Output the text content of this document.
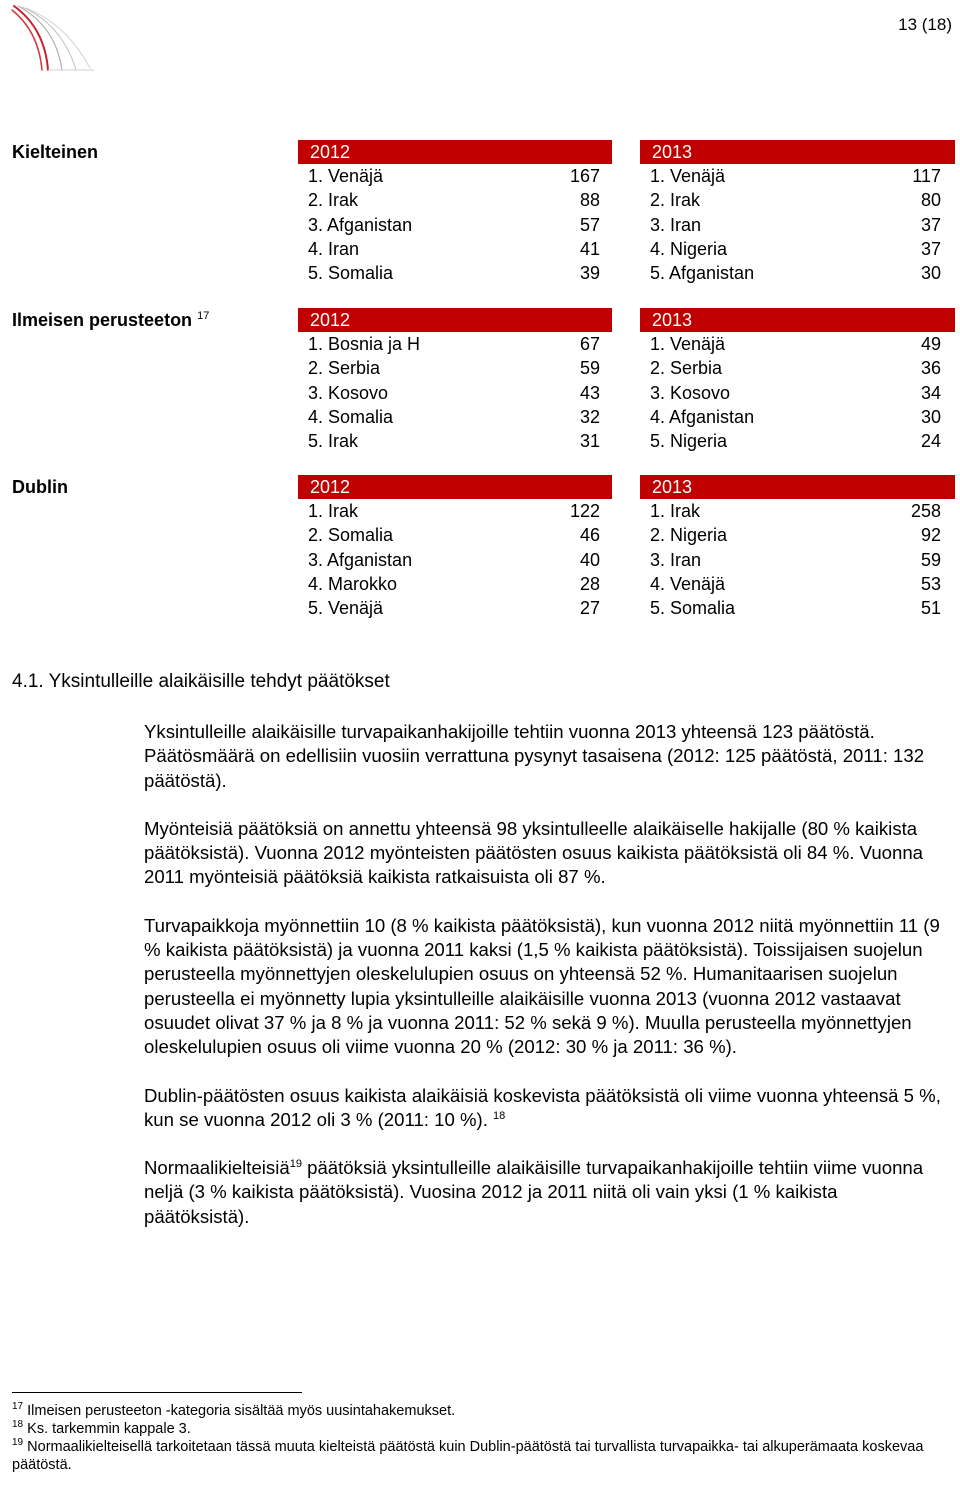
13 (18)
Kielteinen	2012
1. Venäjä	167
2. Irak	88
3. Afganistan	57
4. Iran	41
5. Somalia	39
2013
1. Venäjä	117
2. Irak	80
3. Iran	37
4. Nigeria	37
5. Afganistan	30
Ilmeisen perusteeton $^{17}$	2012
1. Bosnia ja H	67
2. Serbia	59
3. Kosovo	43
4. Somalia	32
5. Irak	31
2013
1. Venäjä	49
2. Serbia	36
3. Kosovo	34
4. Afganistan	30
5. Nigeria	24
Dublin	2012
1. Irak	122
2. Somalia	46
3. Afganistan	40
4. Marokko	28
5. Venäjä	27
2013
1. Irak	258
2. Nigeria	92
3. Iran	59
4. Venäjä	53
5. Somalia	51
4.1. Yksintulleille alaikäisille tehdyt päätökset

Yksintulleille alaikäisille turvapaikanhakijoille tehtiin vuonna 2013 yhteensä 123 päätöstä. Päätösmäärä on edellisiin vuosiin verrattuna pysynyt tasaisena (2012: 125 päätöstä, 2011: 132 päätöstä).

Myönteisiä päätöksiä on annettu yhteensä 98 yksintulleelle alaikäiselle hakijalle (80 % kaikista päätöksistä). Vuonna 2012 myönteisten päätösten osuus kaikista päätöksistä oli 84 %. Vuonna 2011 myönteisiä päätöksiä kaikista ratkaisuista oli 87 %.

Turvapaikkoja myönnettiin 10 (8 % kaikista päätöksistä), kun vuonna 2012 niitä myönnettiin 11 (9 % kaikista päätöksistä) ja vuonna 2011 kaksi (1,5 % kaikista päätöksistä). Toissijaisen suojelun perusteella myönnettyjen oleskelulupien osuus on yhteensä 52 %. Humanitaarisen suojelun perusteella ei myönnetty lupia yksintulleille alaikäisille vuonna 2013 (vuonna 2012 vastaavat osuudet olivat 37 % ja 8 % ja vuonna 2011: 52 % sekä 9 %). Muulla perusteella myönnettyjen oleskelulupien osuus oli viime vuonna 20 % (2012: 30 % ja 2011: 36 %).

Dublin-päätösten osuus kaikista alaikäisiä koskevista päätöksistä oli viime vuonna yhteensä 5 %, kun se vuonna 2012 oli 3 % (2011: 10 %). $^{18}$

Normaalikielteisiä$^{19}$ päätöksiä yksintulleille alaikäisille turvapaikanhakijoille tehtiin viime vuonna neljä (3 % kaikista päätöksistä). Vuosina 2012 ja 2011 niitä oli vain yksi (1 % kaikista päätöksistä).

$^{17}$ Ilmeisen perusteeton -kategoria sisältää myös uusintahakemukset.
$^{18}$ Ks. tarkemmin kappale 3.
$^{19}$ Normaalikielteisellä tarkoitetaan tässä muuta kielteistä päätöstä kuin Dublin-päätöstä tai turvallista turvapaikka- tai alkuperämaata koskevaa päätöstä.
